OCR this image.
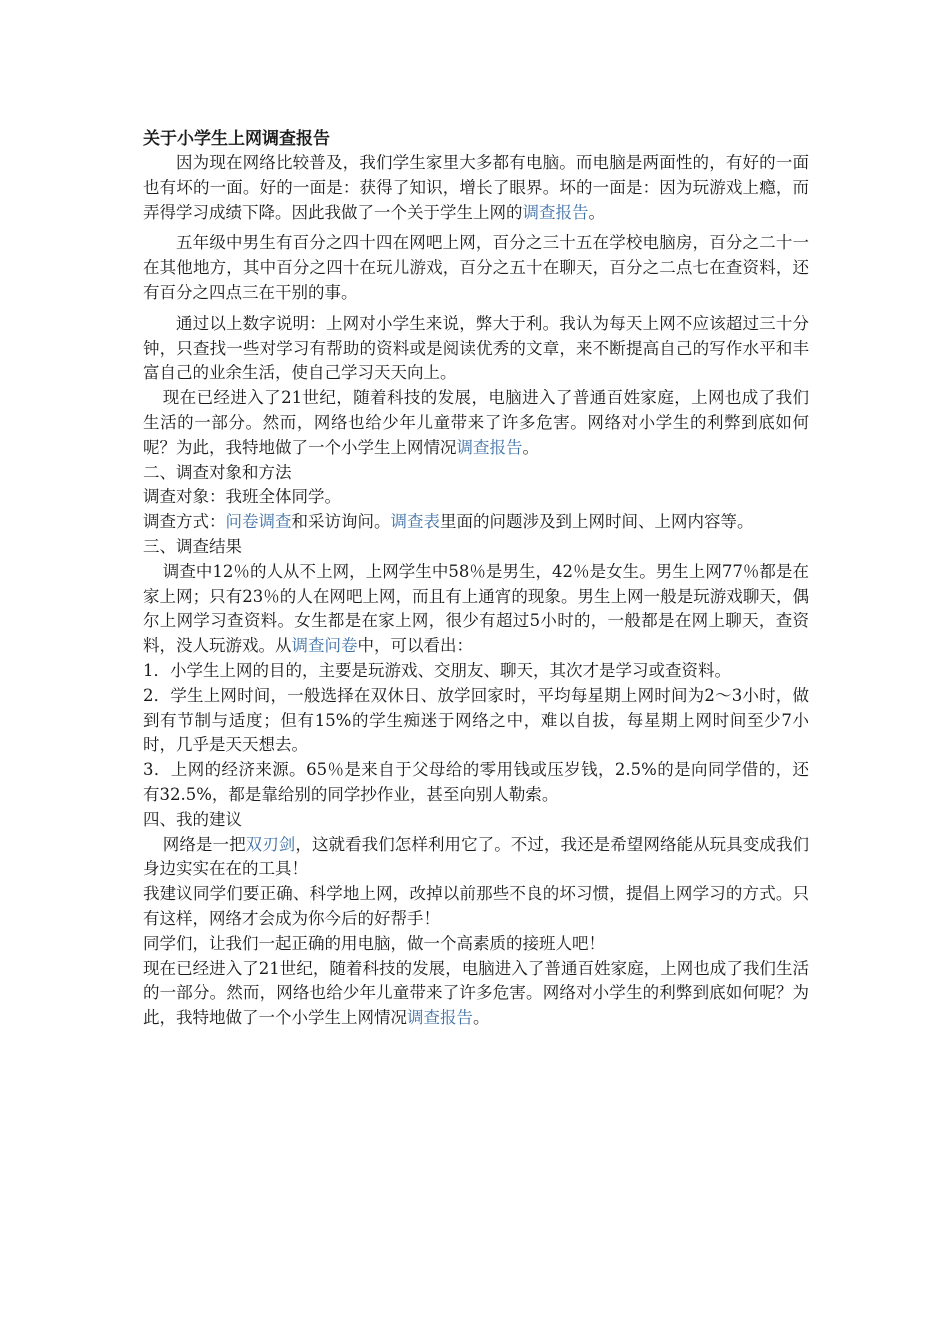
关于小学生上网调查报告

因为现在网络比较普及，我们学生家里大多都有电脑。而电脑是两面性的，有好的一面也有坏的一面。好的一面是：获得了知识，增长了眼界。坏的一面是：因为玩游戏上瘾，而弄得学习成绩下降。因此我做了一个关于学生上网的调查报告。

五年级中男生有百分之四十四在网吧上网，百分之三十五在学校电脑房，百分之二十一在其他地方，其中百分之四十在玩儿游戏，百分之五十在聊天，百分之二点七在查资料，还有百分之四点三在干别的事。

通过以上数字说明：上网对小学生来说，弊大于利。我认为每天上网不应该超过三十分钟，只查找一些对学习有帮助的资料或是阅读优秀的文章，来不断提高自己的写作水平和丰富自己的业余生活，使自己学习天天向上。

现在已经进入了21世纪，随着科技的发展，电脑进入了普通百姓家庭，上网也成了我们生活的一部分。然而，网络也给少年儿童带来了许多危害。网络对小学生的利弊到底如何呢？为此，我特地做了一个小学生上网情况调查报告。

二、调查对象和方法

调查对象：我班全体同学。

调查方式：问卷调查和采访询问。调查表里面的问题涉及到上网时间、上网内容等。

三、调查结果

调查中12％的人从不上网，上网学生中58％是男生，42％是女生。男生上网77％都是在家上网；只有23％的人在网吧上网，而且有上通宵的现象。男生上网一般是玩游戏聊天，偶尔上网学习查资料。女生都是在家上网，很少有超过5小时的，一般都是在网上聊天，查资料，没人玩游戏。从调查问卷中，可以看出：

1．小学生上网的目的，主要是玩游戏、交朋友、聊天，其次才是学习或查资料。

2．学生上网时间，一般选择在双休日、放学回家时，平均每星期上网时间为2～3小时，做到有节制与适度；但有15%的学生痴迷于网络之中，难以自拔，每星期上网时间至少7小时，几乎是天天想去。

3．上网的经济来源。65％是来自于父母给的零用钱或压岁钱，2.5%的是向同学借的，还有32.5%，都是靠给别的同学抄作业，甚至向别人勒索。

四、我的建议

网络是一把双刃剑，这就看我们怎样利用它了。不过，我还是希望网络能从玩具变成我们身边实实在在的工具！

我建议同学们要正确、科学地上网，改掉以前那些不良的坏习惯，提倡上网学习的方式。只有这样，网络才会成为你今后的好帮手！

同学们，让我们一起正确的用电脑，做一个高素质的接班人吧！

现在已经进入了21世纪，随着科技的发展，电脑进入了普通百姓家庭，上网也成了我们生活的一部分。然而，网络也给少年儿童带来了许多危害。网络对小学生的利弊到底如何呢？为此，我特地做了一个小学生上网情况调查报告。
